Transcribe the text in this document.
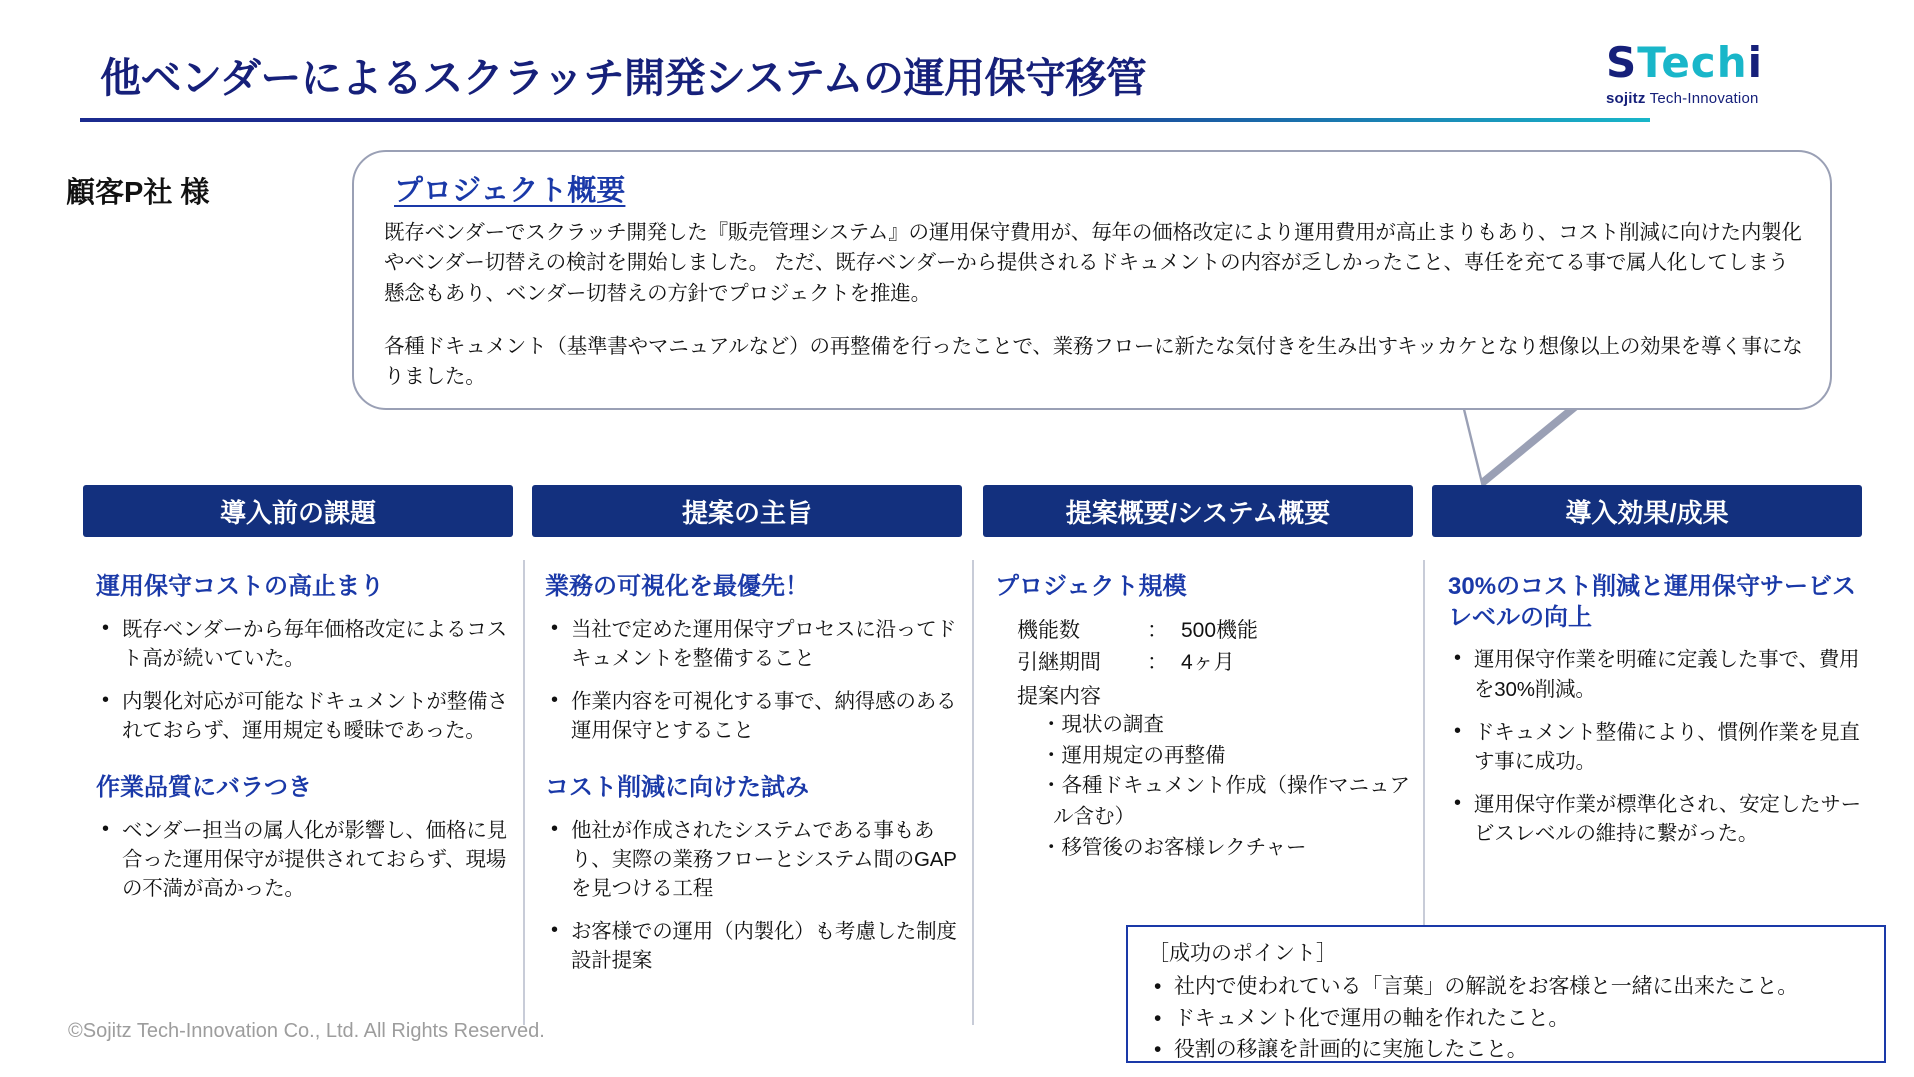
他ベンダーによるスクラッチ開発システムの運用保守移管	STechi
sojitz Tech-Innovation
顧客P社 様	プロジェクト概要
既存ベンダーでスクラッチ開発した『販売管理システム』の運用保守費用が、毎年の価格改定により運用費用が高止まりもあり、コスト削減に向けた内製化やベンダー切替えの検討を開始しました。 ただ、既存ベンダーから提供されるドキュメントの内容が乏しかったこと、専任を充てる事で属人化してしまう懸念もあり、ベンダー切替えの方針でプロジェクトを推進。
各種ドキュメント（基準書やマニュアルなど）の再整備を行ったことで、業務フローに新たな気付きを生み出すキッカケとなり想像以上の効果を導く事になりました。
導入前の課題	提案の主旨	提案概要/システム概要	導入効果/成果
運用保守コストの高止まり
• 既存ベンダーから毎年価格改定によるコスト高が続いていた。
• 内製化対応が可能なドキュメントが整備されておらず、運用規定も曖昧であった。
作業品質にバラつき
• ベンダー担当の属人化が影響し、価格に見合った運用保守が提供されておらず、現場の不満が高かった。
業務の可視化を最優先！
• 当社で定めた運用保守プロセスに沿ってドキュメントを整備すること
• 作業内容を可視化する事で、納得感のある運用保守とすること
コスト削減に向けた試み
• 他社が作成されたシステムである事もあり、実際の業務フローとシステム間のGAPを見つける工程
• お客様での運用（内製化）も考慮した制度設計提案
プロジェクト規模
機能数	： 500機能
引継期間	： 4ヶ月
提案内容
・現状の調査
・運用規定の再整備
・各種ドキュメント作成（操作マニュアル含む）
・移管後のお客様レクチャー
30%のコスト削減と運用保守サービスレベルの向上
• 運用保守作業を明確に定義した事で、費用を30%削減。
• ドキュメント整備により、慣例作業を見直す事に成功。
• 運用保守作業が標準化され、安定したサービスレベルの維持に繋がった。
［成功のポイント］
• 社内で使われている「言葉」の解説をお客様と一緒に出来たこと。
• ドキュメント化で運用の軸を作れたこと。
• 役割の移譲を計画的に実施したこと。
©Sojitz Tech-Innovation Co., Ltd. All Rights Reserved.
